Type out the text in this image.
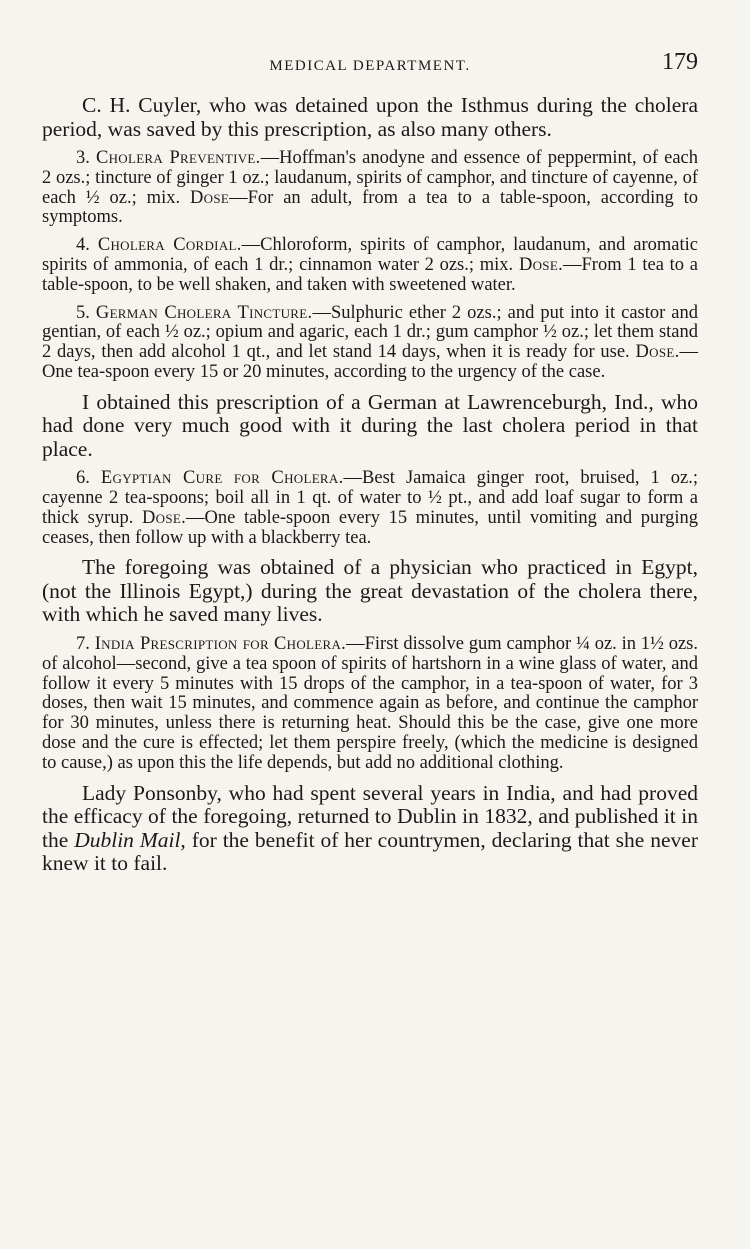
MEDICAL DEPARTMENT.	179

C. H. Cuyler, who was detained upon the Isthmus during the cholera period, was saved by this prescription, as also many others.

3. Cholera Preventive.—Hoffman's anodyne and essence of peppermint, of each 2 ozs.; tincture of ginger 1 oz.; laudanum, spirits of camphor, and tincture of cayenne, of each ½ oz.; mix. Dose—For an adult, from a tea to a table-spoon, according to symptoms.

4. Cholera Cordial.—Chloroform, spirits of camphor, laudanum, and aromatic spirits of ammonia, of each 1 dr.; cinnamon water 2 ozs.; mix. Dose.—From 1 tea to a table-spoon, to be well shaken, and taken with sweetened water.

5. German Cholera Tincture.—Sulphuric ether 2 ozs.; and put into it castor and gentian, of each ½ oz.; opium and agaric, each 1 dr.; gum camphor ½ oz.; let them stand 2 days, then add alcohol 1 qt., and let stand 14 days, when it is ready for use. Dose.—One tea-spoon every 15 or 20 minutes, according to the urgency of the case.

I obtained this prescription of a German at Lawrenceburgh, Ind., who had done very much good with it during the last cholera period in that place.

6. Egyptian Cure for Cholera.—Best Jamaica ginger root, bruised, 1 oz.; cayenne 2 tea-spoons; boil all in 1 qt. of water to ½ pt., and add loaf sugar to form a thick syrup. Dose.—One table-spoon every 15 minutes, until vomiting and purging ceases, then follow up with a blackberry tea.

The foregoing was obtained of a physician who practiced in Egypt, (not the Illinois Egypt,) during the great devastation of the cholera there, with which he saved many lives.

7. India Prescription for Cholera.—First dissolve gum camphor ¼ oz. in 1½ ozs. of alcohol—second, give a tea spoon of spirits of hartshorn in a wine glass of water, and follow it every 5 minutes with 15 drops of the camphor, in a tea-spoon of water, for 3 doses, then wait 15 minutes, and commence again as before, and continue the camphor for 30 minutes, unless there is returning heat. Should this be the case, give one more dose and the cure is effected; let them perspire freely, (which the medicine is designed to cause,) as upon this the life depends, but add no additional clothing.

Lady Ponsonby, who had spent several years in India, and had proved the efficacy of the foregoing, returned to Dublin in 1832, and published it in the Dublin Mail, for the benefit of her countrymen, declaring that she never knew it to fail.
